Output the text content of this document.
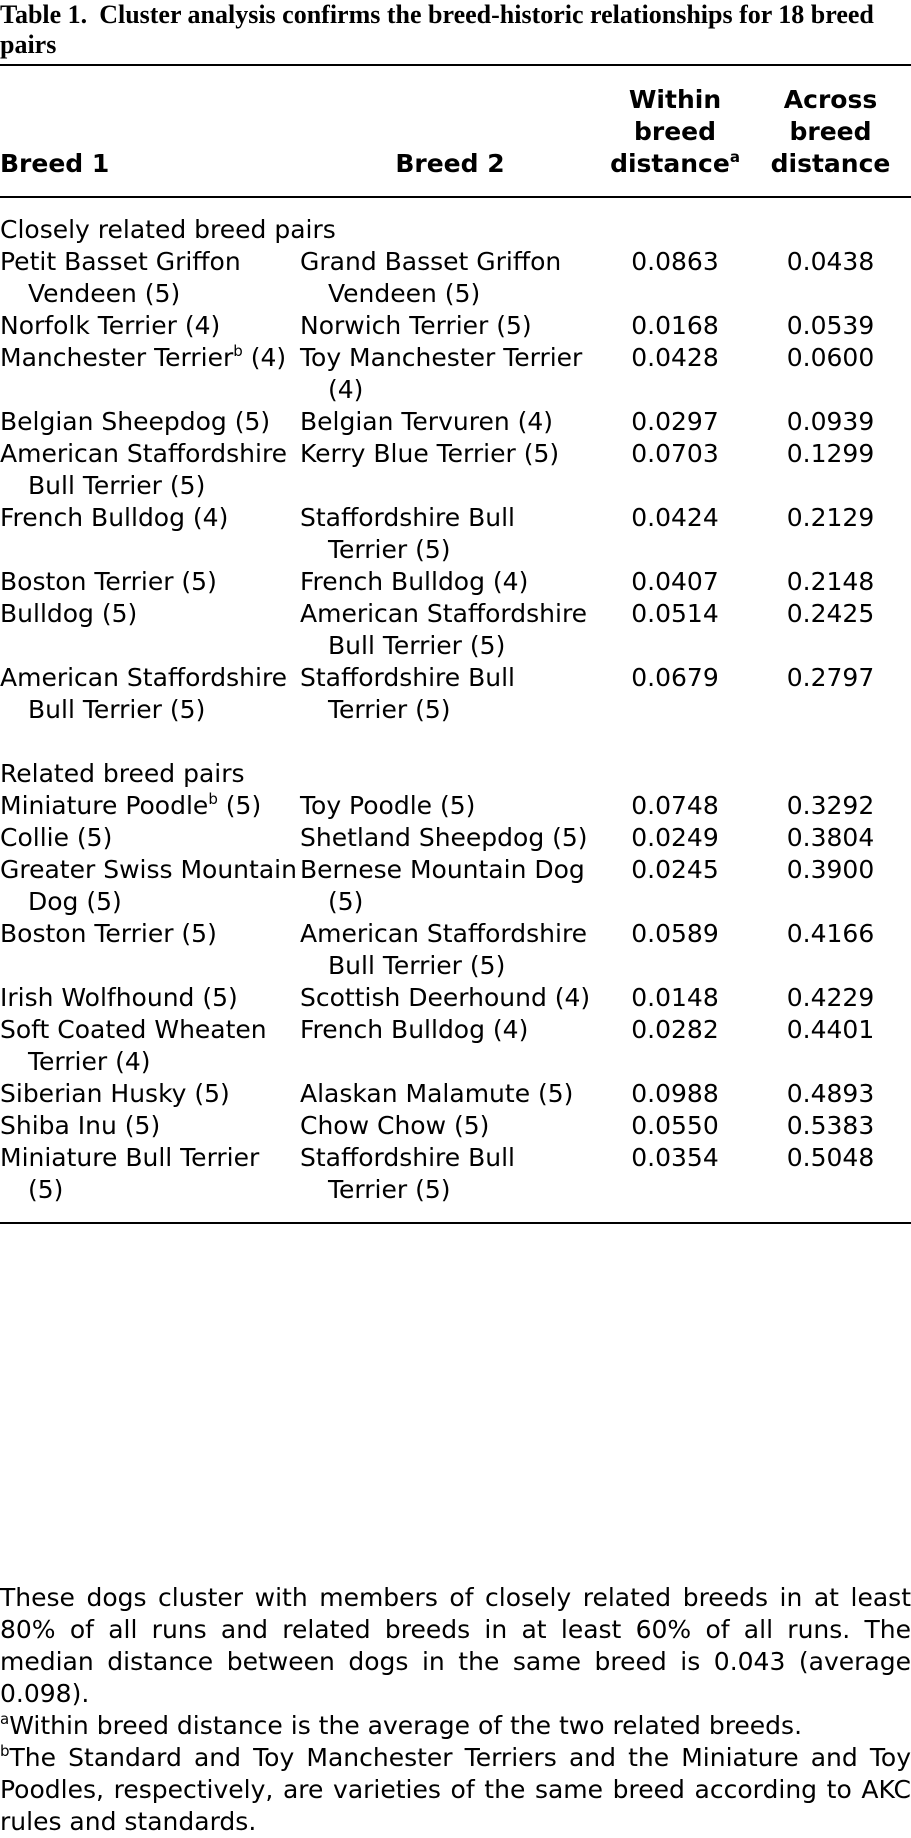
Table 1. Cluster analysis confirms the breed-historic relationships for 18 breed pairs

Breed 1	Breed 2	Within breed distance$^a$	Across breed distance
Closely related breed pairs			

Petit Basset Griffon Vendeen (5)	Grand Basset Griffon Vendeen (5)	0.0863	0.0438

Norfolk Terrier (4)	Norwich Terrier (5)	0.0168	0.0539

Manchester Terrier$^b$ (4)	Toy Manchester Terrier (4)	0.0428	0.0600

Belgian Sheepdog (5)	Belgian Tervuren (4)	0.0297	0.0939

American Staffordshire Bull Terrier (5)	Kerry Blue Terrier (5)	0.0703	0.1299

French Bulldog (4)	Staffordshire Bull Terrier (5)	0.0424	0.2129

Boston Terrier (5)	French Bulldog (4)	0.0407	0.2148

Bulldog (5)	American Staffordshire Bull Terrier (5)	0.0514	0.2425

American Staffordshire Bull Terrier (5)	Staffordshire Bull Terrier (5)	0.0679	0.2797
Related breed pairs			

Miniature Poodle$^b$ (5)	Toy Poodle (5)	0.0748	0.3292

Collie (5)	Shetland Sheepdog (5)	0.0249	0.3804

Greater Swiss Mountain Dog (5)	Bernese Mountain Dog (5)	0.0245	0.3900

Boston Terrier (5)	American Staffordshire Bull Terrier (5)	0.0589	0.4166

Irish Wolfhound (5)	Scottish Deerhound (4)	0.0148	0.4229

Soft Coated Wheaten Terrier (4)	French Bulldog (4)	0.0282	0.4401

Siberian Husky (5)	Alaskan Malamute (5)	0.0988	0.4893

Shiba Inu (5)	Chow Chow (5)	0.0550	0.5383

Miniature Bull Terrier (5)	Staffordshire Bull Terrier (5)	0.0354	0.5048

These dogs cluster with members of closely related breeds in at least 80% of all runs and related breeds in at least 60% of all runs. The median distance between dogs in the same breed is 0.043 (average 0.098).

$^a$Within breed distance is the average of the two related breeds.

$^b$The Standard and Toy Manchester Terriers and the Miniature and Toy Poodles, respectively, are varieties of the same breed according to AKC rules and standards.
